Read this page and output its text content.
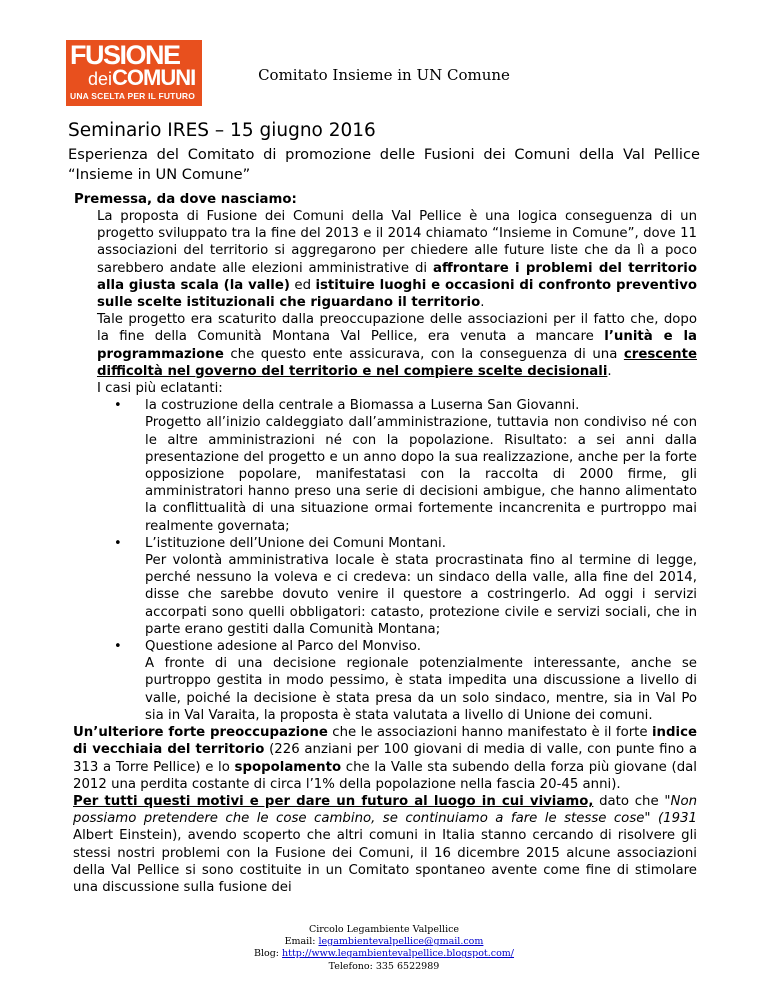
FUSIONE
deiCOMUNI
UNA SCELTA PER IL FUTURO
Comitato Insieme in UN Comune
Seminario IRES – 15 giugno 2016
Esperienza del Comitato di promozione delle Fusioni dei Comuni della Val Pellice “Insieme in UN Comune”
Premessa, da dove nasciamo:

La proposta di Fusione dei Comuni della Val Pellice è una logica conseguenza di un progetto sviluppato tra la fine del 2013 e il 2014 chiamato “Insieme in Comune”, dove 11 associazioni del territorio si aggregarono per chiedere alle future liste che da lì a poco sarebbero andate alle elezioni amministrative di affrontare i problemi del territorio alla giusta scala (la valle) ed istituire luoghi e occasioni di confronto preventivo sulle scelte istituzionali che riguardano il territorio.

Tale progetto era scaturito dalla preoccupazione delle associazioni per il fatto che, dopo la fine della Comunità Montana Val Pellice, era venuta a mancare l’unità e la programmazione che questo ente assicurava, con la conseguenza di una crescente difficoltà nel governo del territorio e nel compiere scelte decisionali.

I casi più eclatanti:

• la costruzione della centrale a Biomassa a Luserna San Giovanni.

Progetto all’inizio caldeggiato dall’amministrazione, tuttavia non condiviso né con le altre amministrazioni né con la popolazione. Risultato: a sei anni dalla presentazione del progetto e un anno dopo la sua realizzazione, anche per la forte opposizione popolare, manifestatasi con la raccolta di 2000 firme, gli amministratori hanno preso una serie di decisioni ambigue, che hanno alimentato la conflittualità di una situazione ormai fortemente incancrenita e purtroppo mai realmente governata;

• L’istituzione dell’Unione dei Comuni Montani.

Per volontà amministrativa locale è stata procrastinata fino al termine di legge, perché nessuno la voleva e ci credeva: un sindaco della valle, alla fine del 2014, disse che sarebbe dovuto venire il questore a costringerlo. Ad oggi i servizi accorpati sono quelli obbligatori: catasto, protezione civile e servizi sociali, che in parte erano gestiti dalla Comunità Montana;

• Questione adesione al Parco del Monviso.

A fronte di una decisione regionale potenzialmente interessante, anche se purtroppo gestita in modo pessimo, è stata impedita una discussione a livello di valle, poiché la decisione è stata presa da un solo sindaco, mentre, sia in Val Po sia in Val Varaita, la proposta è stata valutata a livello di Unione dei comuni.

Un’ulteriore forte preoccupazione che le associazioni hanno manifestato è il forte indice di vecchiaia del territorio (226 anziani per 100 giovani di media di valle, con punte fino a 313 a Torre Pellice) e lo spopolamento che la Valle sta subendo della forza più giovane (dal 2012 una perdita costante di circa l’1% della popolazione nella fascia 20-45 anni).

Per tutti questi motivi e per dare un futuro al luogo in cui viviamo, dato che "Non possiamo pretendere che le cose cambino, se continuiamo a fare le stesse cose" (1931 Albert Einstein), avendo scoperto che altri comuni in Italia stanno cercando di risolvere gli stessi nostri problemi con la Fusione dei Comuni, il 16 dicembre 2015 alcune associazioni della Val Pellice si sono costituite in un Comitato spontaneo avente come fine di stimolare una discussione sulla fusione dei

Circolo Legambiente Valpellice
Email: legambientevalpellice@gmail.com
Blog: http://www.legambientevalpellice.blogspot.com/
Telefono: 335 6522989
